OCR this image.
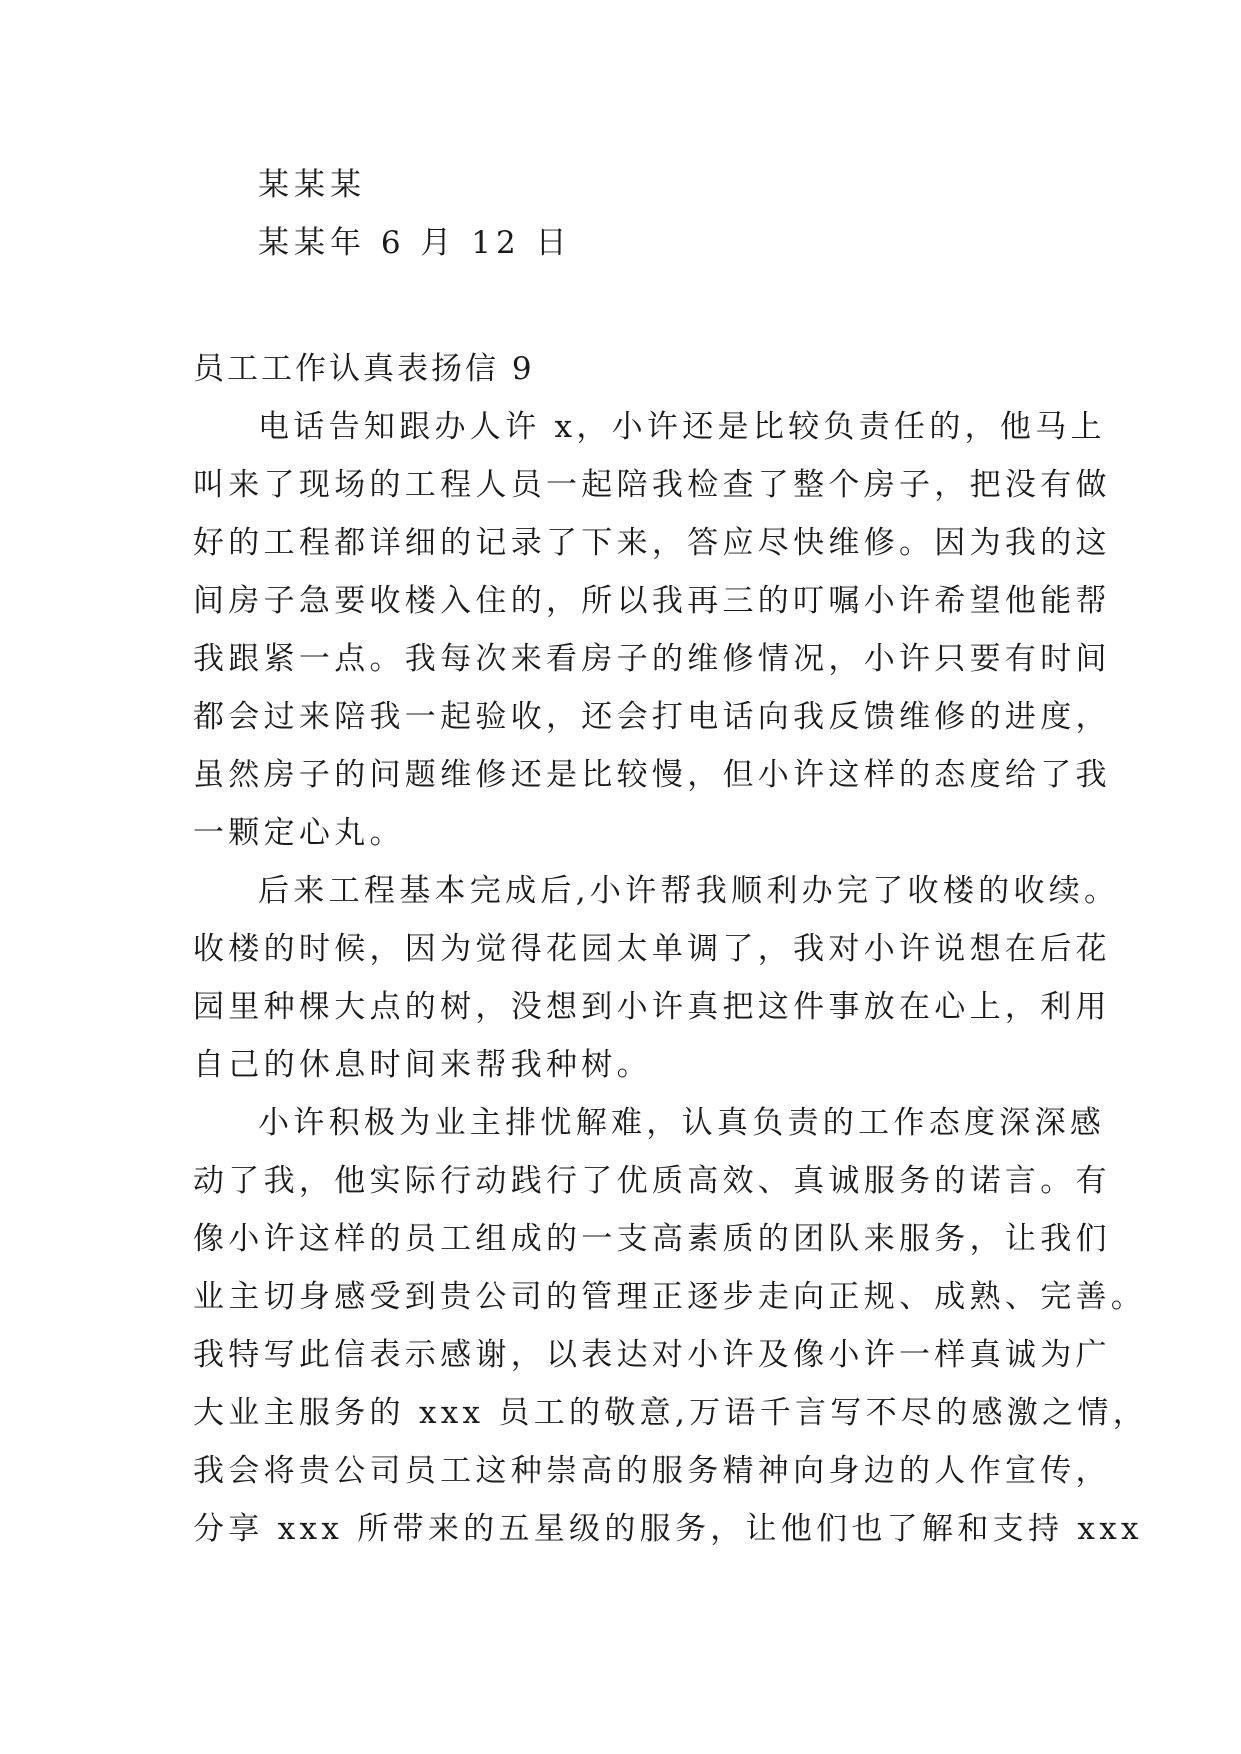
某某某
某某年 6 月 12 日
员工工作认真表扬信 9
电话告知跟办人许 x，小许还是比较负责任的，他马上
叫来了现场的工程人员一起陪我检查了整个房子，把没有做
好的工程都详细的记录了下来，答应尽快维修。因为我的这
间房子急要收楼入住的，所以我再三的叮嘱小许希望他能帮
我跟紧一点。我每次来看房子的维修情况，小许只要有时间
都会过来陪我一起验收，还会打电话向我反馈维修的进度，
虽然房子的问题维修还是比较慢，但小许这样的态度给了我
一颗定心丸。
后来工程基本完成后,小许帮我顺利办完了收楼的收续。
收楼的时候，因为觉得花园太单调了，我对小许说想在后花
园里种棵大点的树，没想到小许真把这件事放在心上，利用
自己的休息时间来帮我种树。
小许积极为业主排忧解难，认真负责的工作态度深深感
动了我，他实际行动践行了优质高效、真诚服务的诺言。有
像小许这样的员工组成的一支高素质的团队来服务，让我们
业主切身感受到贵公司的管理正逐步走向正规、成熟、完善。
我特写此信表示感谢，以表达对小许及像小许一样真诚为广
大业主服务的 xxx 员工的敬意,万语千言写不尽的感激之情，
我会将贵公司员工这种崇高的服务精神向身边的人作宣传，
分享 xxx 所带来的五星级的服务，让他们也了解和支持 xxx
